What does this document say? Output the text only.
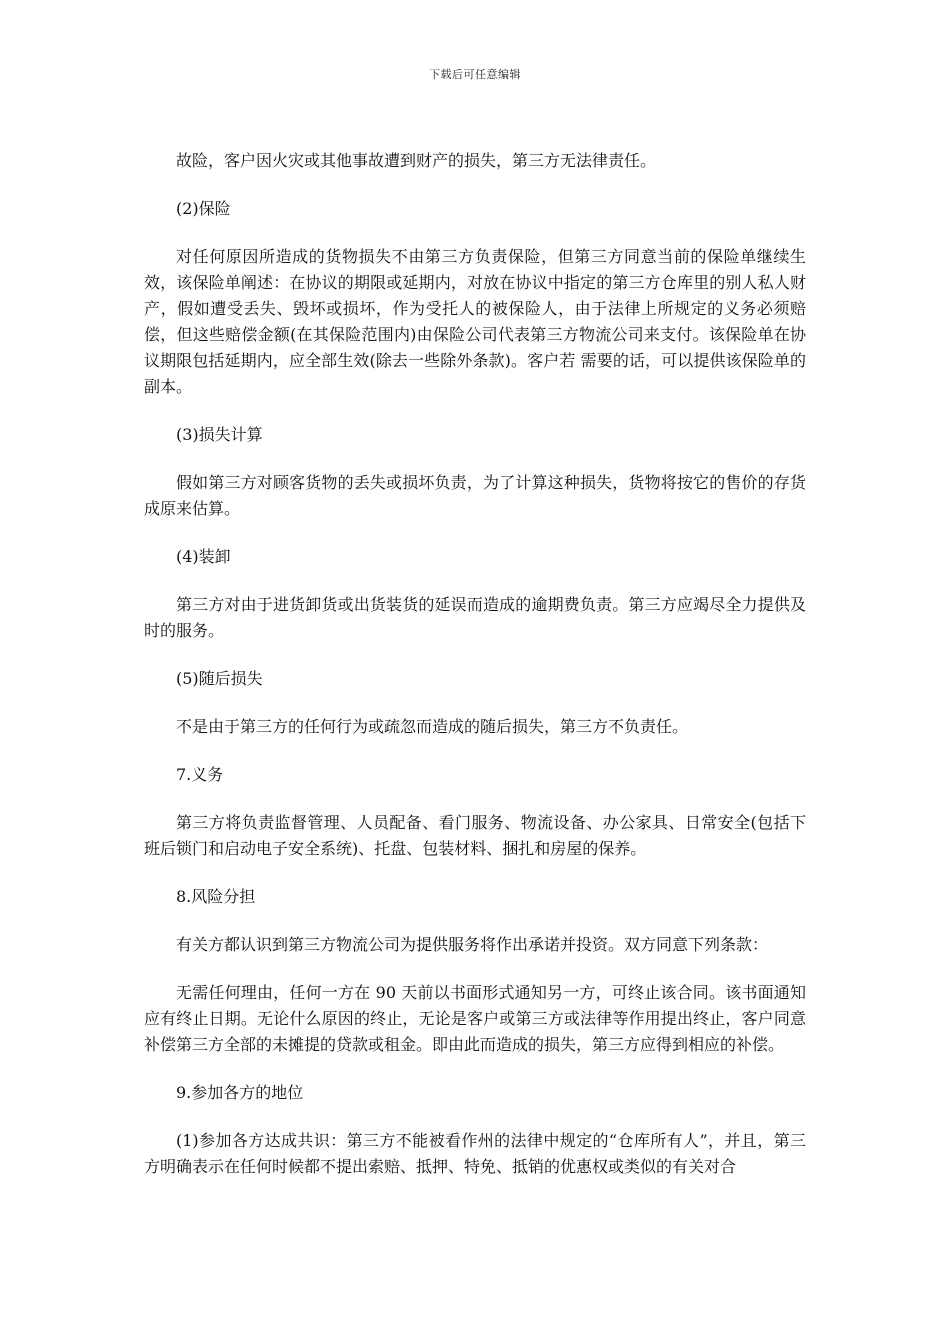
下载后可任意编辑

故险，客户因火灾或其他事故遭到财产的损失，第三方无法律责任。

(2)保险

对任何原因所造成的货物损失不由第三方负责保险，但第三方同意当前的保险单继续生效，该保险单阐述：在协议的期限或延期内，对放在协议中指定的第三方仓库里的别人私人财产，假如遭受丢失、毁坏或损坏，作为受托人的被保险人，由于法律上所规定的义务必须赔偿，但这些赔偿金额(在其保险范围内)由保险公司代表第三方物流公司来支付。该保险单在协议期限包括延期内，应全部生效(除去一些除外条款)。客户若 需要的话，可以提供该保险单的副本。

(3)损失计算

假如第三方对顾客货物的丢失或损坏负责，为了计算这种损失，货物将按它的售价的存货成原来估算。

(4)装卸

第三方对由于进货卸货或出货装货的延误而造成的逾期费负责。第三方应竭尽全力提供及时的服务。

(5)随后损失

不是由于第三方的任何行为或疏忽而造成的随后损失，第三方不负责任。

7.义务

第三方将负责监督管理、人员配备、看门服务、物流设备、办公家具、日常安全(包括下班后锁门和启动电子安全系统)、托盘、包装材料、捆扎和房屋的保养。

8.风险分担

有关方都认识到第三方物流公司为提供服务将作出承诺并投资。双方同意下列条款：

无需任何理由，任何一方在 90 天前以书面形式通知另一方，可终止该合同。该书面通知应有终止日期。无论什么原因的终止，无论是客户或第三方或法律等作用提出终止，客户同意补偿第三方全部的未摊提的贷款或租金。即由此而造成的损失，第三方应得到相应的补偿。

9.参加各方的地位

(1)参加各方达成共识：第三方不能被看作州的法律中规定的“仓库所有人”，并且，第三方明确表示在任何时候都不提出索赔、抵押、特免、抵销的优惠权或类似的有关对合
